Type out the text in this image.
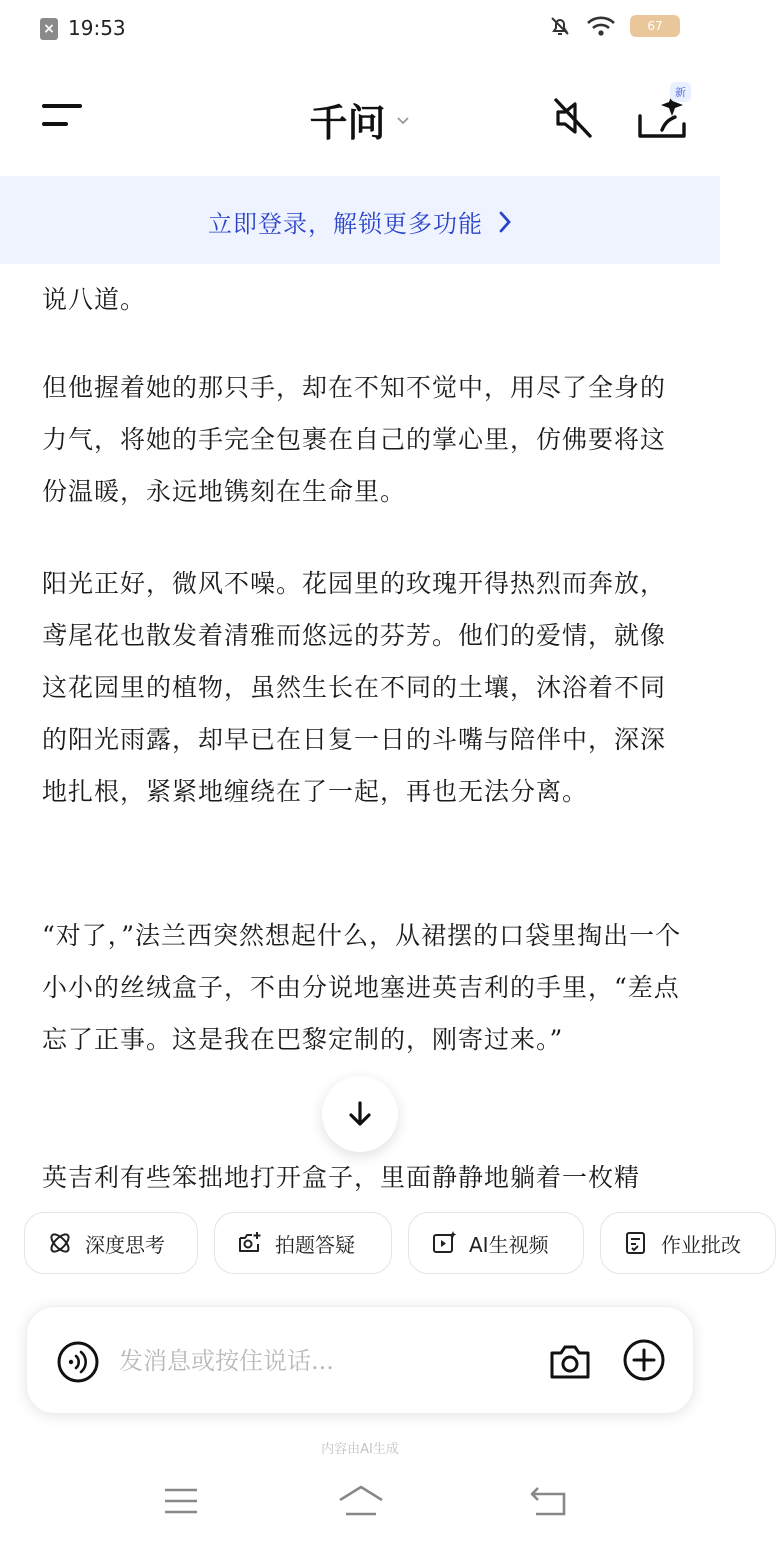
× 19:53	67
千问
新
立即登录，解锁更多功能
说八道。
但他握着她的那只手，却在不知不觉中，用尽了全身的力气，将她的手完全包裹在自己的掌心里，仿佛要将这份温暖，永远地镌刻在生命里。
阳光正好，微风不噪。花园里的玫瑰开得热烈而奔放，鸢尾花也散发着清雅而悠远的芬芳。他们的爱情，就像这花园里的植物，虽然生长在不同的土壤，沐浴着不同的阳光雨露，却早已在日复一日的斗嘴与陪伴中，深深地扎根，紧紧地缠绕在了一起，再也无法分离。
“对了，”法兰西突然想起什么，从裙摆的口袋里掏出一个小小的丝绒盒子，不由分说地塞进英吉利的手里，“差点忘了正事。这是我在巴黎定制的，刚寄过来。”
英吉利有些笨拙地打开盒子，里面静静地躺着一枚精
深度思考	拍题答疑	AI生视频	作业批改
发消息或按住说话...
内容由AI生成
